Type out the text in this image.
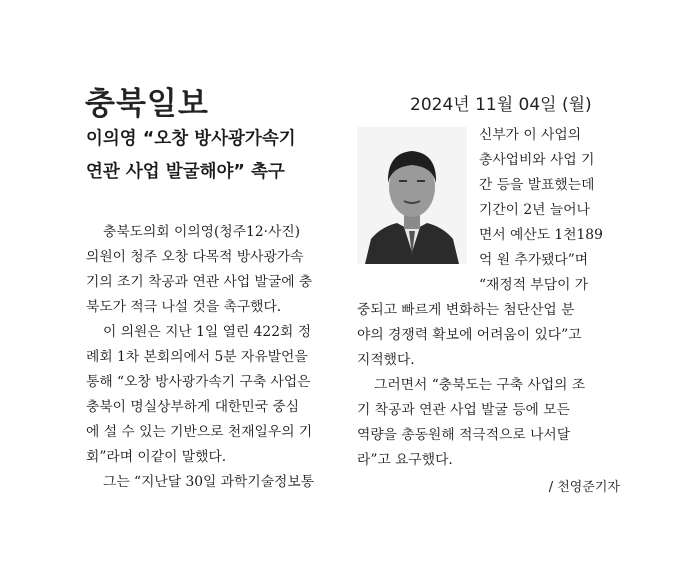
충북일보	2024년 11월 04일 (월)
이의영 “오창 방사광가속기
연관 사업 발굴해야” 촉구
충북도의회 이의영(청주12·사진)
의원이 청주 오창 다목적 방사광가속
기의 조기 착공과 연관 사업 발굴에 충
북도가 적극 나설 것을 촉구했다.
이 의원은 지난 1일 열린 422회 정
례회 1차 본회의에서 5분 자유발언을
통해 “오창 방사광가속기 구축 사업은
충북이 명실상부하게 대한민국 중심
에 설 수 있는 기반으로 천재일우의 기
회”라며 이같이 말했다.
그는 “지난달 30일 과학기술정보통
신부가 이 사업의
총사업비와 사업 기
간 등을 발표했는데
기간이 2년 늘어나
면서 예산도 1천189
억 원 추가됐다”며
“재정적 부담이 가
중되고 빠르게 변화하는 첨단산업 분
야의 경쟁력 확보에 어려움이 있다”고
지적했다.
그러면서 “충북도는 구축 사업의 조
기 착공과 연관 사업 발굴 등에 모든
역량을 총동원해 적극적으로 나서달
라”고 요구했다.
/ 천영준기자
